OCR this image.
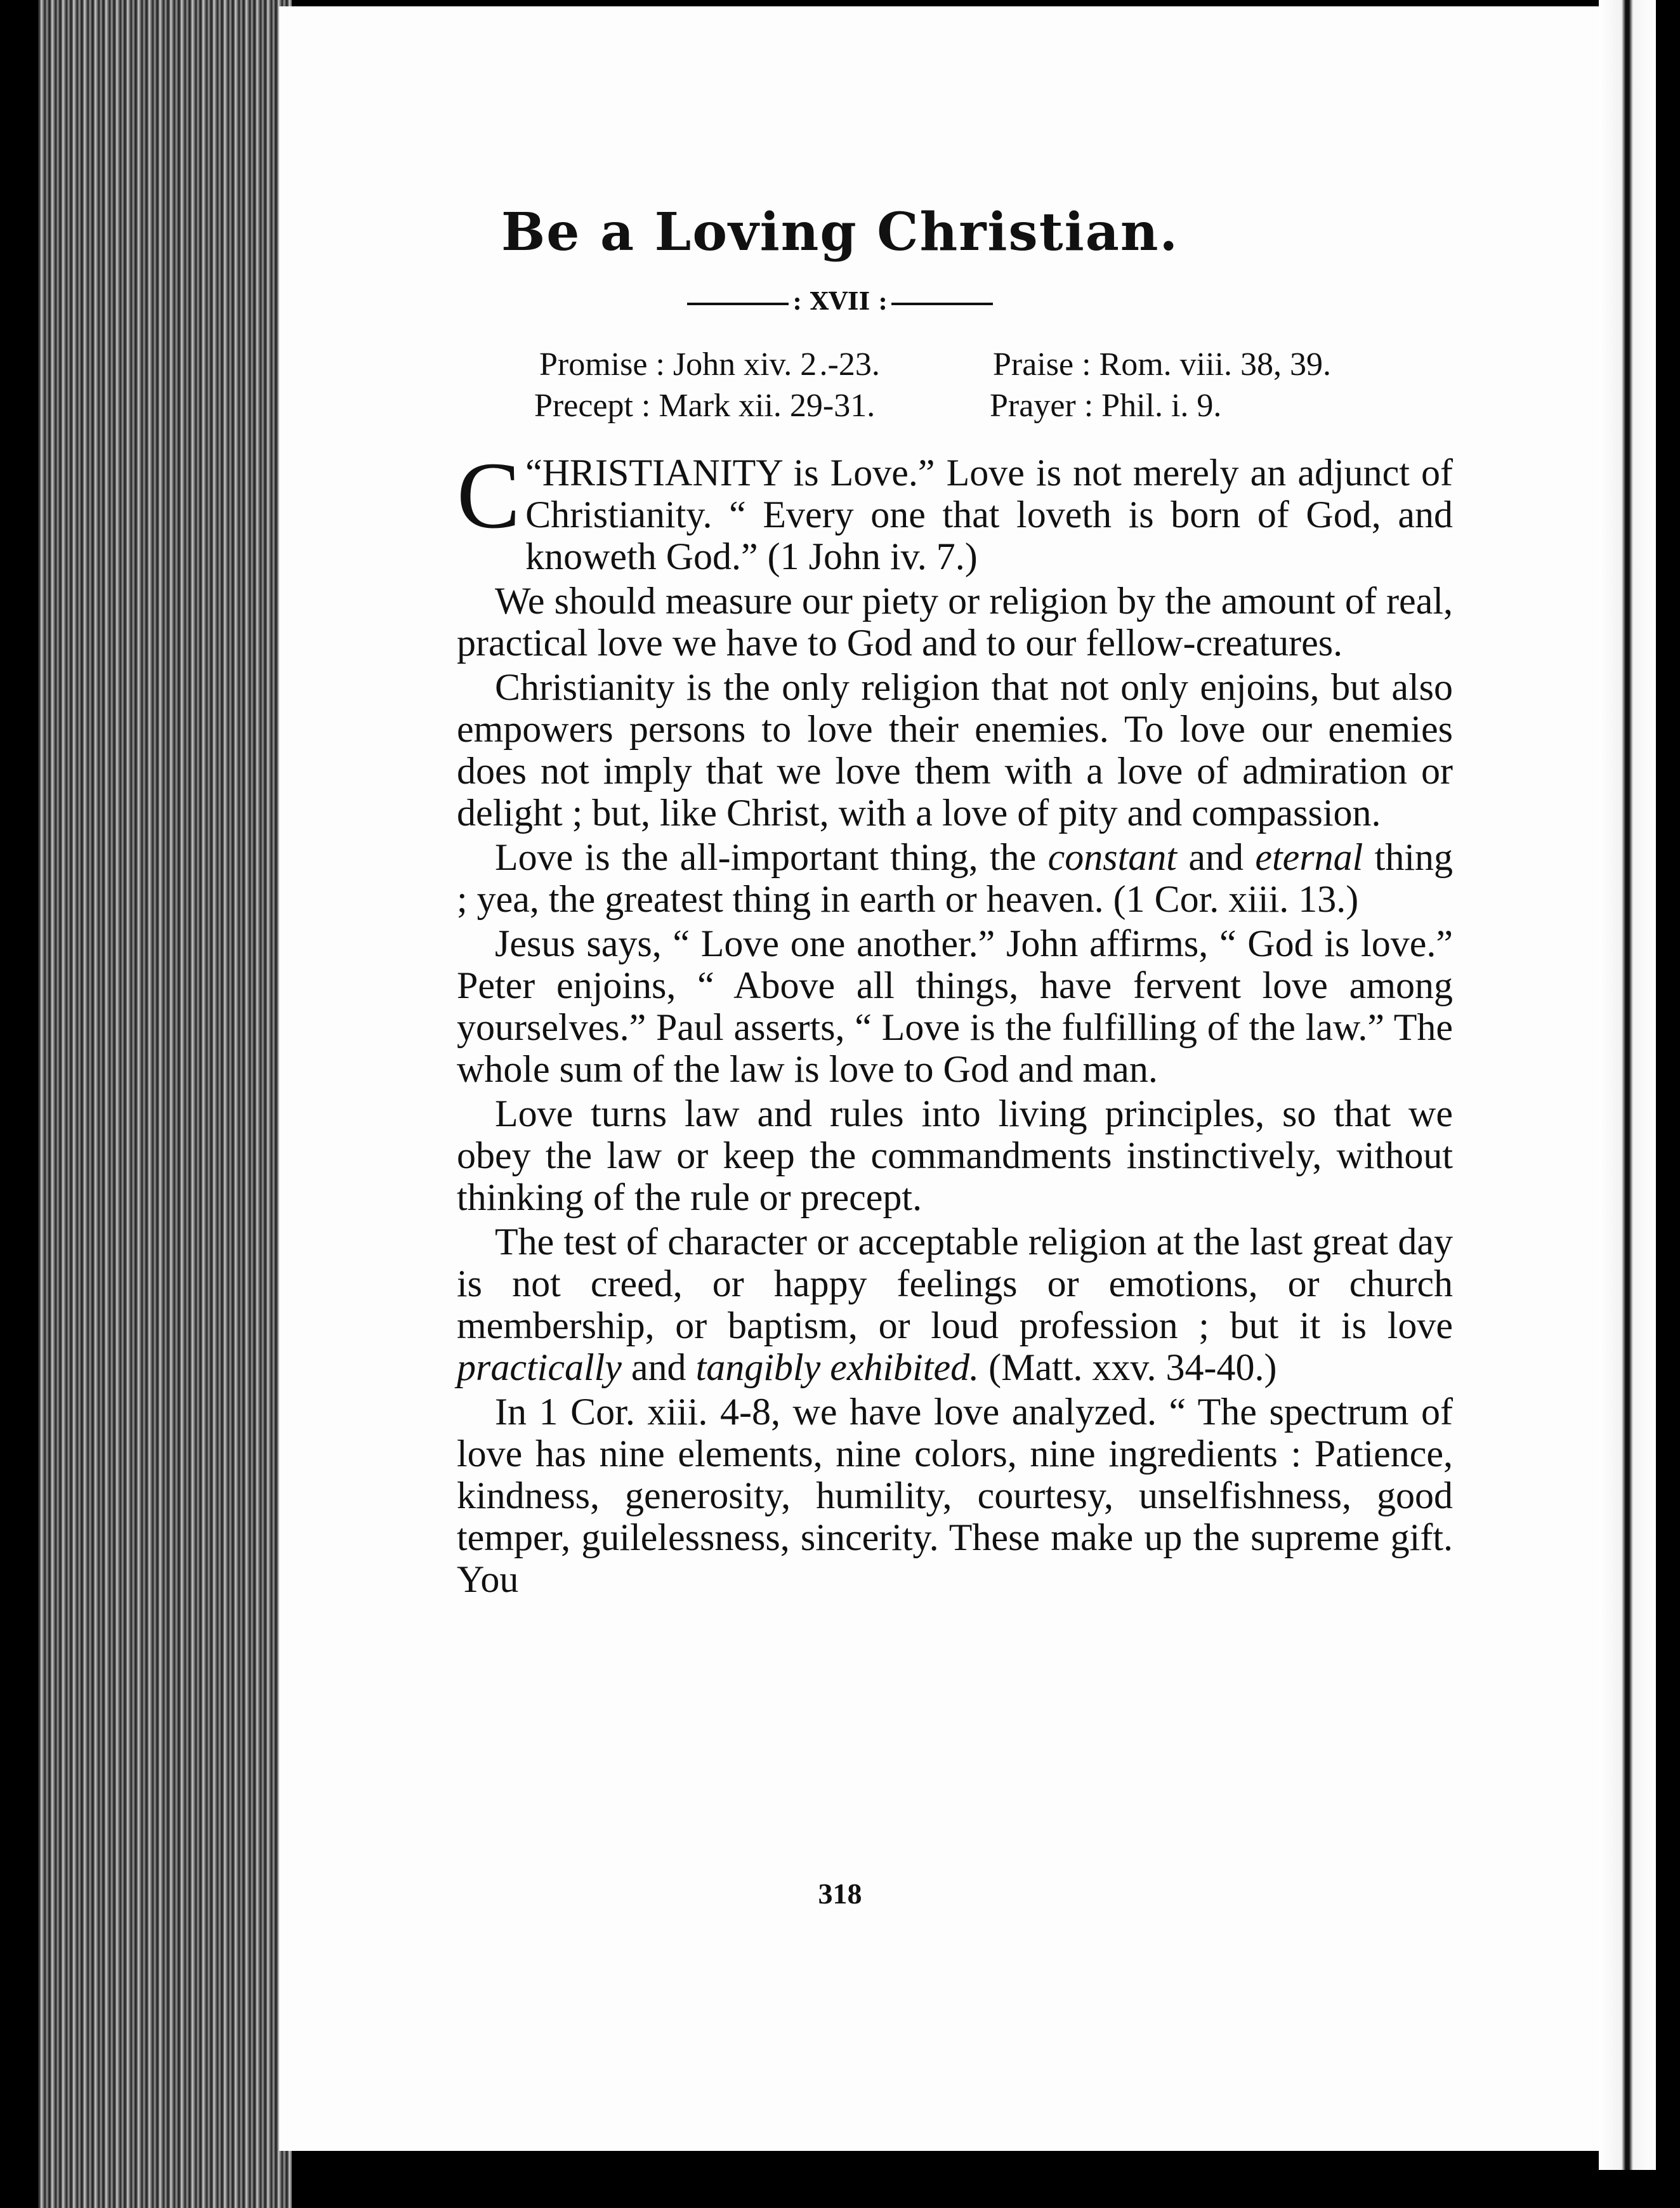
Be a Loving Christian.
: XVII :
Promise : John xiv. 2 .-23.	Praise : Rom. viii. 38, 39.
Precept : Mark xii. 29-31.	Prayer : Phil. i. 9.

“
C HRISTIANITY is Love.” Love is not merely an adjunct of Christianity. “ Every one that loveth is born of God, and knoweth God.” (1 John iv. 7.)

We should measure our piety or religion by the amount of real, practical love we have to God and to our fellow-creatures.

Christianity is the only religion that not only enjoins, but also empowers persons to love their enemies. To love our enemies does not imply that we love them with a love of admiration or delight ; but, like Christ, with a love of pity and compassion.

Love is the all-important thing, the constant and eternal thing ; yea, the greatest thing in earth or heaven. (1 Cor. xiii. 13.)

Jesus says, “ Love one another.” John affirms, “ God is love.” Peter enjoins, “ Above all things, have fervent love among yourselves.” Paul asserts, “ Love is the fulfilling of the law.” The whole sum of the law is love to God and man.

Love turns law and rules into living principles, so that we obey the law or keep the commandments instinctively, without thinking of the rule or precept.

The test of character or acceptable religion at the last great day is not creed, or happy feelings or emotions, or church membership, or baptism, or loud profession ; but it is love practically and tangibly exhibited. (Matt. xxv. 34-40.)

In 1 Cor. xiii. 4-8, we have love analyzed. “ The spectrum of love has nine elements, nine colors, nine ingredients : Patience, kindness, generosity, humility, courtesy, unselfishness, good temper, guilelessness, sincerity. These make up the supreme gift. You

318
